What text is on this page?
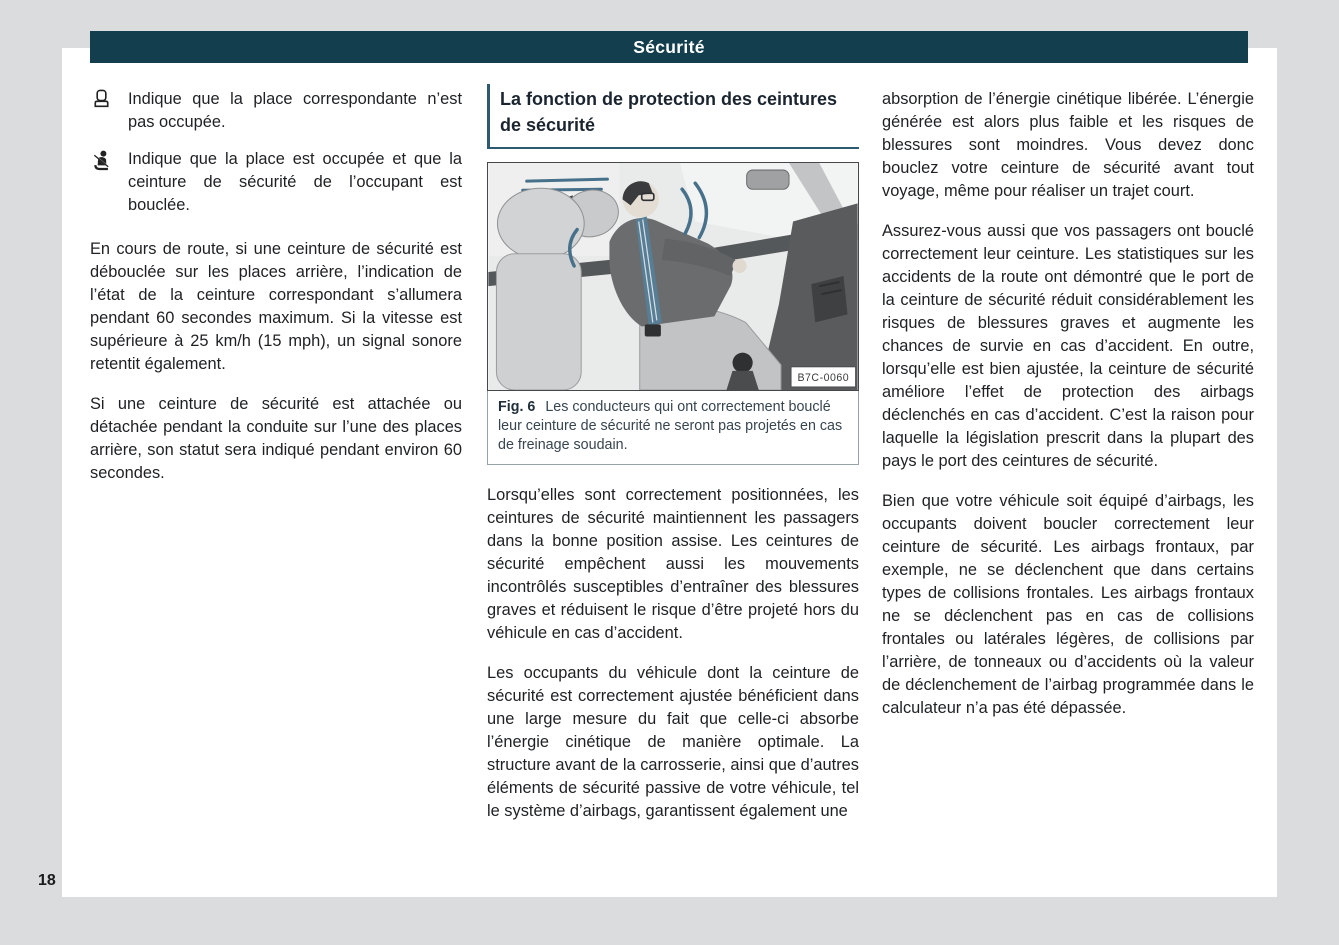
Sécurité
Indique que la place correspondante n’est pas occupée.
Indique que la place est occupée et que la ceinture de sécurité de l’occupant est bouclée.

En cours de route, si une ceinture de sécurité est débouclée sur les places arrière, l’indication de l’état de la ceinture correspondant s’allumera pendant 60 secondes maximum. Si la vitesse est supérieure à 25 km/h (15 mph), un signal sonore retentit également.

Si une ceinture de sécurité est attachée ou détachée pendant la conduite sur l’une des places arrière, son statut sera indiqué pendant environ 60 secondes.

La fonction de protection des ceintures de sécurité
B7C-0060
Fig. 6 Les conducteurs qui ont correctement bouclé leur ceinture de sécurité ne seront pas projetés en cas de freinage soudain.

Lorsqu’elles sont correctement positionnées, les ceintures de sécurité maintiennent les passagers dans la bonne position assise. Les ceintures de sécurité empêchent aussi les mouvements incontrôlés susceptibles d’entraîner des blessures graves et réduisent le risque d’être projeté hors du véhicule en cas d’accident.

Les occupants du véhicule dont la ceinture de sécurité est correctement ajustée bénéficient dans une large mesure du fait que celle-ci absorbe l’énergie cinétique de manière optimale. La structure avant de la carrosserie, ainsi que d’autres éléments de sécurité passive de votre véhicule, tel le système d’airbags, garantissent également une

absorption de l’énergie cinétique libérée. L’énergie générée est alors plus faible et les risques de blessures sont moindres. Vous devez donc bouclez votre ceinture de sécurité avant tout voyage, même pour réaliser un trajet court.

Assurez-vous aussi que vos passagers ont bouclé correctement leur ceinture. Les statistiques sur les accidents de la route ont démontré que le port de la ceinture de sécurité réduit considérablement les risques de blessures graves et augmente les chances de survie en cas d’accident. En outre, lorsqu’elle est bien ajustée, la ceinture de sécurité améliore l’effet de protection des airbags déclenchés en cas d’accident. C’est la raison pour laquelle la législation prescrit dans la plupart des pays le port des ceintures de sécurité.

Bien que votre véhicule soit équipé d’airbags, les occupants doivent boucler correctement leur ceinture de sécurité. Les airbags frontaux, par exemple, ne se déclenchent que dans certains types de collisions frontales. Les airbags frontaux ne se déclenchent pas en cas de collisions frontales ou latérales légères, de collisions par l’arrière, de tonneaux ou d’accidents où la valeur de déclenchement de l’airbag programmée dans le calculateur n’a pas été dépassée.

18
